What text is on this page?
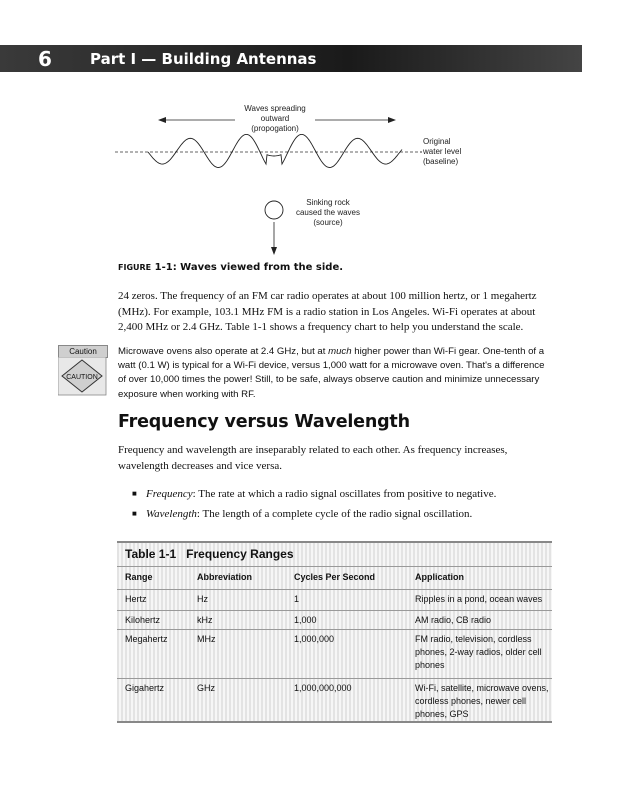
6	Part I — Building Antennas
Waves spreading
outward
(propogation)
Original
water level
(baseline)
Sinking rock
caused the waves
(source)
FIGURE 1-1: Waves viewed from the side.
24 zeros. The frequency of an FM car radio operates at about 100 million hertz, or 1 megahertz (MHz). For example, 103.1 MHz FM is a radio station in Los Angeles. Wi-Fi operates at about 2,400 MHz or 2.4 GHz. Table 1-1 shows a frequency chart to help you understand the scale.
Caution
CAUTION
Microwave ovens also operate at 2.4 GHz, but at much higher power than Wi-Fi gear. One-tenth of a watt (0.1 W) is typical for a Wi-Fi device, versus 1,000 watt for a microwave oven. That's a difference of over 10,000 times the power! Still, to be safe, always observe caution and minimize unnecessary exposure when working with RF.
Frequency versus Wavelength
Frequency and wavelength are inseparably related to each other. As frequency increases, wavelength decreases and vice versa.
■ Frequency: The rate at which a radio signal oscillates from positive to negative.
■ Wavelength: The length of a complete cycle of the radio signal oscillation.
Table 1-1 Frequency Ranges
Range	Abbreviation	Cycles Per Second	Application
Hertz	Hz	1	Ripples in a pond, ocean waves
Kilohertz	kHz	1,000	AM radio, CB radio
Megahertz	MHz	1,000,000	FM radio, television, cordless phones, 2-way radios, older cell phones
Gigahertz	GHz	1,000,000,000	Wi-Fi, satellite, microwave ovens, cordless phones, newer cell phones, GPS
